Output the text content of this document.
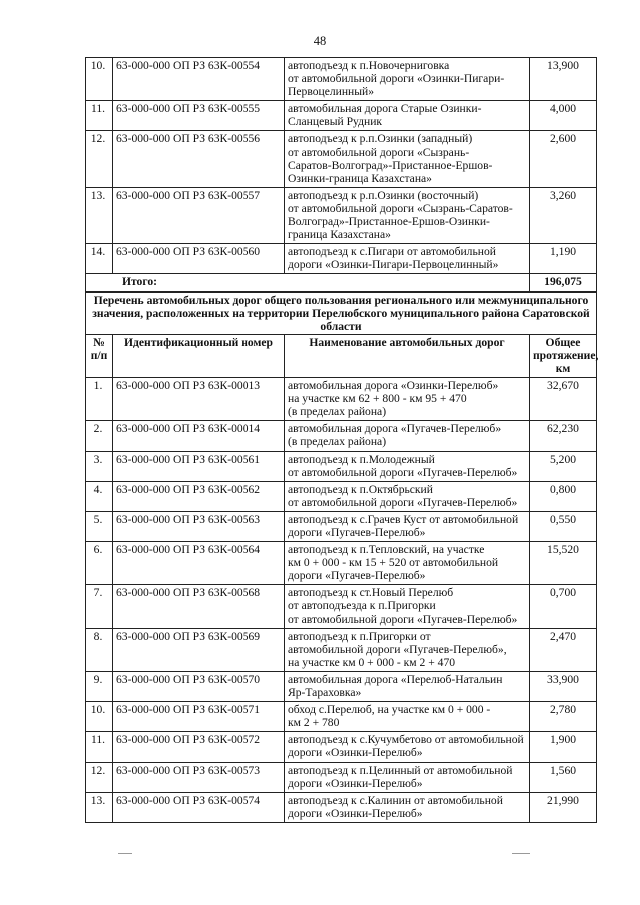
48
10.	63-000-000 ОП РЗ 63К-00554	автоподъезд к п.Новочерниговка
от автомобильной дороги «Озинки-Пигари-
Первоцелинный»	13,900
11.	63-000-000 ОП РЗ 63К-00555	автомобильная дорога Старые Озинки-
Сланцевый Рудник	4,000
12.	63-000-000 ОП РЗ 63К-00556	автоподъезд к р.п.Озинки (западный)
от автомобильной дороги «Сызрань-
Саратов-Волгоград»-Пристанное-Ершов-
Озинки-граница Казахстана»	2,600
13.	63-000-000 ОП РЗ 63К-00557	автоподъезд к р.п.Озинки (восточный)
от автомобильной дороги «Сызрань-Саратов-
Волгоград»-Пристанное-Ершов-Озинки-
граница Казахстана»	3,260
14.	63-000-000 ОП РЗ 63К-00560	автоподъезд к с.Пигари от автомобильной
дороги «Озинки-Пигари-Первоцелинный»	1,190
Итого:			196,075
Перечень автомобильных дорог общего пользования регионального или межмуниципального значения, расположенных на территории Перелюбского муниципального района Саратовской области			
№ п/п	Идентификационный номер	Наименование автомобильных дорог	Общее протяжение, км
1.	63-000-000 ОП РЗ 63К-00013	автомобильная дорога «Озинки-Перелюб»
на участке км 62 + 800 - км 95 + 470
(в пределах района)	32,670
2.	63-000-000 ОП РЗ 63К-00014	автомобильная дорога «Пугачев-Перелюб»
(в пределах района)	62,230
3.	63-000-000 ОП РЗ 63К-00561	автоподъезд к п.Молодежный
от автомобильной дороги «Пугачев-Перелюб»	5,200
4.	63-000-000 ОП РЗ 63К-00562	автоподъезд к п.Октябрьский
от автомобильной дороги «Пугачев-Перелюб»	0,800
5.	63-000-000 ОП РЗ 63К-00563	автоподъезд к с.Грачев Куст от автомобильной
дороги «Пугачев-Перелюб»	0,550
6.	63-000-000 ОП РЗ 63К-00564	автоподъезд к п.Тепловский, на участке
км 0 + 000 - км 15 + 520 от автомобильной
дороги «Пугачев-Перелюб»	15,520
7.	63-000-000 ОП РЗ 63К-00568	автоподъезд к ст.Новый Перелюб
от автоподъезда к п.Пригорки
от автомобильной дороги «Пугачев-Перелюб»	0,700
8.	63-000-000 ОП РЗ 63К-00569	автоподъезд к п.Пригорки от
автомобильной дороги «Пугачев-Перелюб»,
на участке км 0 + 000 - км 2 + 470	2,470
9.	63-000-000 ОП РЗ 63К-00570	автомобильная дорога «Перелюб-Натальин
Яр-Тараховка»	33,900
10.	63-000-000 ОП РЗ 63К-00571	обход с.Перелюб, на участке км 0 + 000 -
км 2 + 780	2,780
11.	63-000-000 ОП РЗ 63К-00572	автоподъезд к с.Кучумбетово от автомобильной
дороги «Озинки-Перелюб»	1,900
12.	63-000-000 ОП РЗ 63К-00573	автоподъезд к п.Целинный от автомобильной
дороги «Озинки-Перелюб»	1,560
13.	63-000-000 ОП РЗ 63К-00574	автоподъезд к с.Калинин от автомобильной
дороги «Озинки-Перелюб»	21,990
